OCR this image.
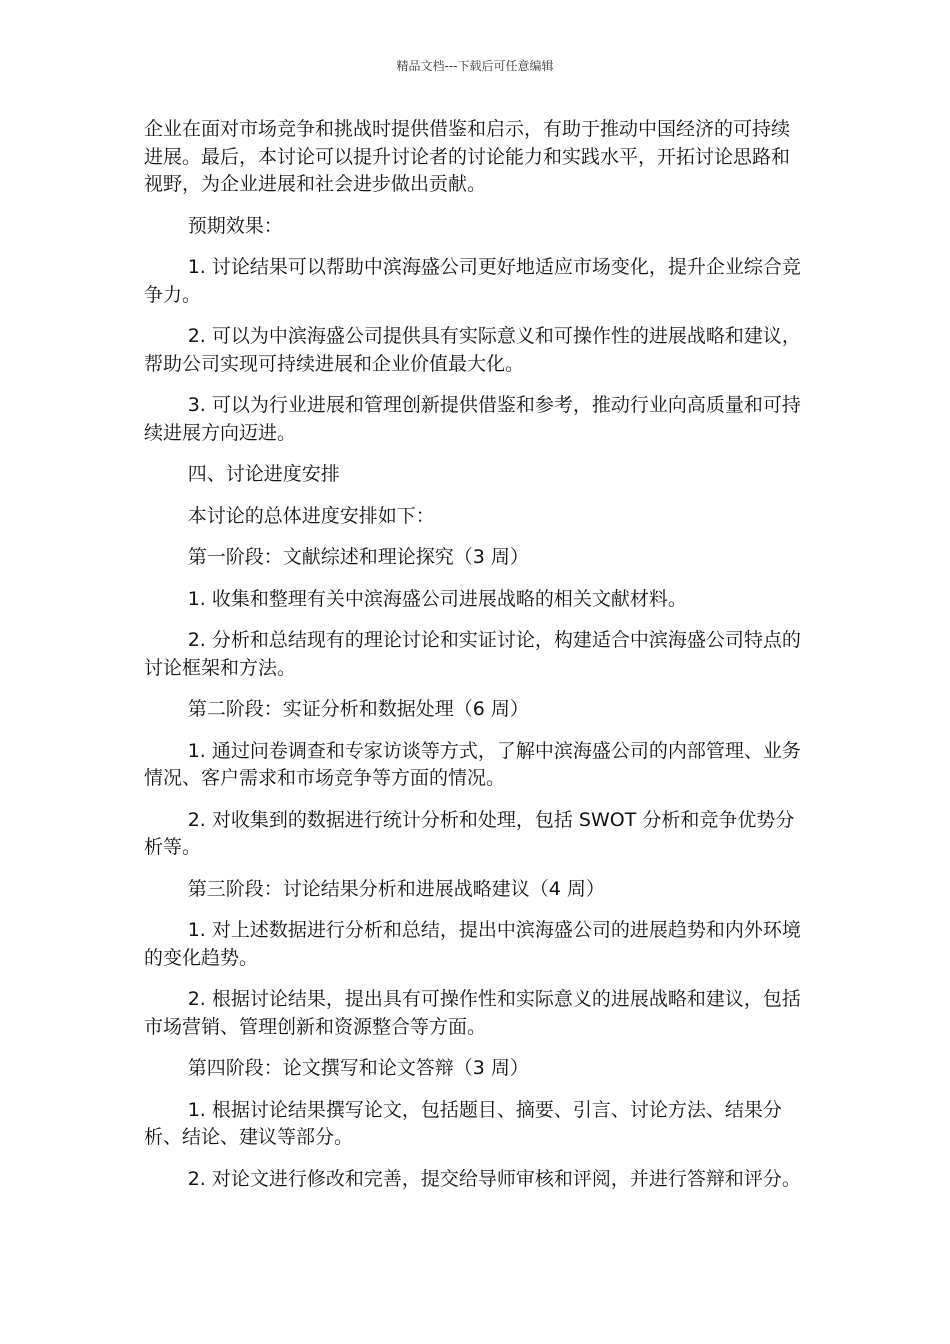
精品文档---下载后可任意编辑

企业在面对市场竞争和挑战时提供借鉴和启示，有助于推动中国经济的可持续进展。最后，本讨论可以提升讨论者的讨论能力和实践水平，开拓讨论思路和视野，为企业进展和社会进步做出贡献。

预期效果：

1. 讨论结果可以帮助中滨海盛公司更好地适应市场变化，提升企业综合竞争力。

2. 可以为中滨海盛公司提供具有实际意义和可操作性的进展战略和建议，帮助公司实现可持续进展和企业价值最大化。

3. 可以为行业进展和管理创新提供借鉴和参考，推动行业向高质量和可持续进展方向迈进。

四、讨论进度安排

本讨论的总体进度安排如下：

第一阶段：文献综述和理论探究（3 周）

1. 收集和整理有关中滨海盛公司进展战略的相关文献材料。

2. 分析和总结现有的理论讨论和实证讨论，构建适合中滨海盛公司特点的讨论框架和方法。

第二阶段：实证分析和数据处理（6 周）

1. 通过问卷调查和专家访谈等方式，了解中滨海盛公司的内部管理、业务情况、客户需求和市场竞争等方面的情况。

2. 对收集到的数据进行统计分析和处理，包括 SWOT 分析和竞争优势分析等。

第三阶段：讨论结果分析和进展战略建议（4 周）

1. 对上述数据进行分析和总结，提出中滨海盛公司的进展趋势和内外环境的变化趋势。

2. 根据讨论结果，提出具有可操作性和实际意义的进展战略和建议，包括市场营销、管理创新和资源整合等方面。

第四阶段：论文撰写和论文答辩（3 周）

1. 根据讨论结果撰写论文，包括题目、摘要、引言、讨论方法、结果分析、结论、建议等部分。

2. 对论文进行修改和完善，提交给导师审核和评阅，并进行答辩和评分。
